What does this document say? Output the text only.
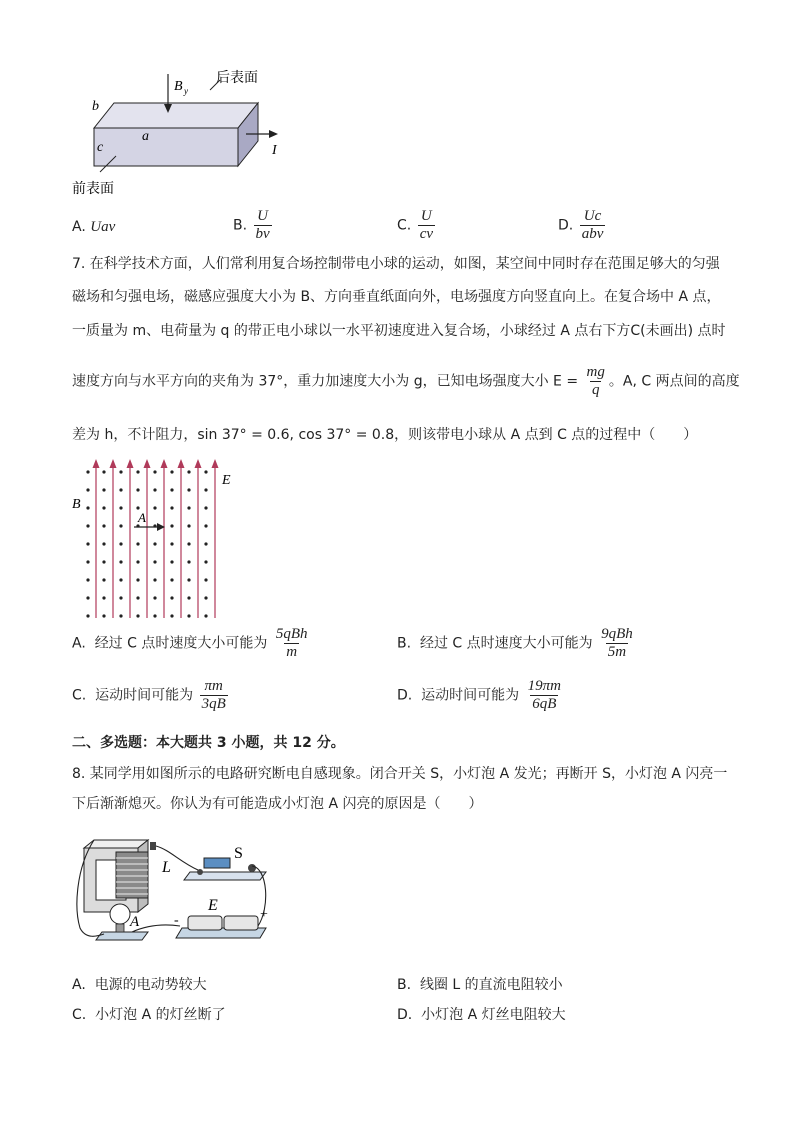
B y
后表面
b
a
c	I
前表面
A. Uav	B. $\frac{U}{bv}$	C. $\frac{U}{cv}$	D. $\frac{Uc}{\text{abv}}$
7. 在科学技术方面，人们常利用复合场控制带电小球的运动，如图，某空间中同时存在范围足够大的匀强
磁场和匀强电场，磁感应强度大小为 B、方向垂直纸面向外，电场强度方向竖直向上。在复合场中 A 点，
一质量为 m、电荷量为 q 的带正电小球以一水平初速度进入复合场，小球经过 A 点右下方C(未画出) 点时
速度方向与水平方向的夹角为 37°，重力加速度大小为 g，已知电场强度大小 $E = \frac{mg}{q}$ 。A, C 两点间的高度
差为 h，不计阻力，sin 37° = 0.6, cos 37° = 0.8，则该带电小球从 A 点到 C 点的过程中（　　）
A
B
E
A. 经过 C 点时速度大小可能为 $\frac{\text{5qBh}}{m}$	B. 经过 C 点时速度大小可能为 $\frac{\text{9qBh}}{5m}$
C. 运动时间可能为 $\frac{\pi m}{3qB}$	D. 运动时间可能为 $\frac{19\pi m}{6qB}$
二、多选题：本大题共 3 小题，共 12 分。
8. 某同学用如图所示的电路研究断电自感现象。闭合开关 S，小灯泡 A 发光；再断开 S，小灯泡 A 闪亮一
下后渐渐熄灭。你认为有可能造成小灯泡 A 闪亮的原因是（　　）
L
S
A
E
-	+
A. 电源的电动势较大	B. 线圈 L 的直流电阻较小
C. 小灯泡 A 的灯丝断了	D. 小灯泡 A 灯丝电阻较大
